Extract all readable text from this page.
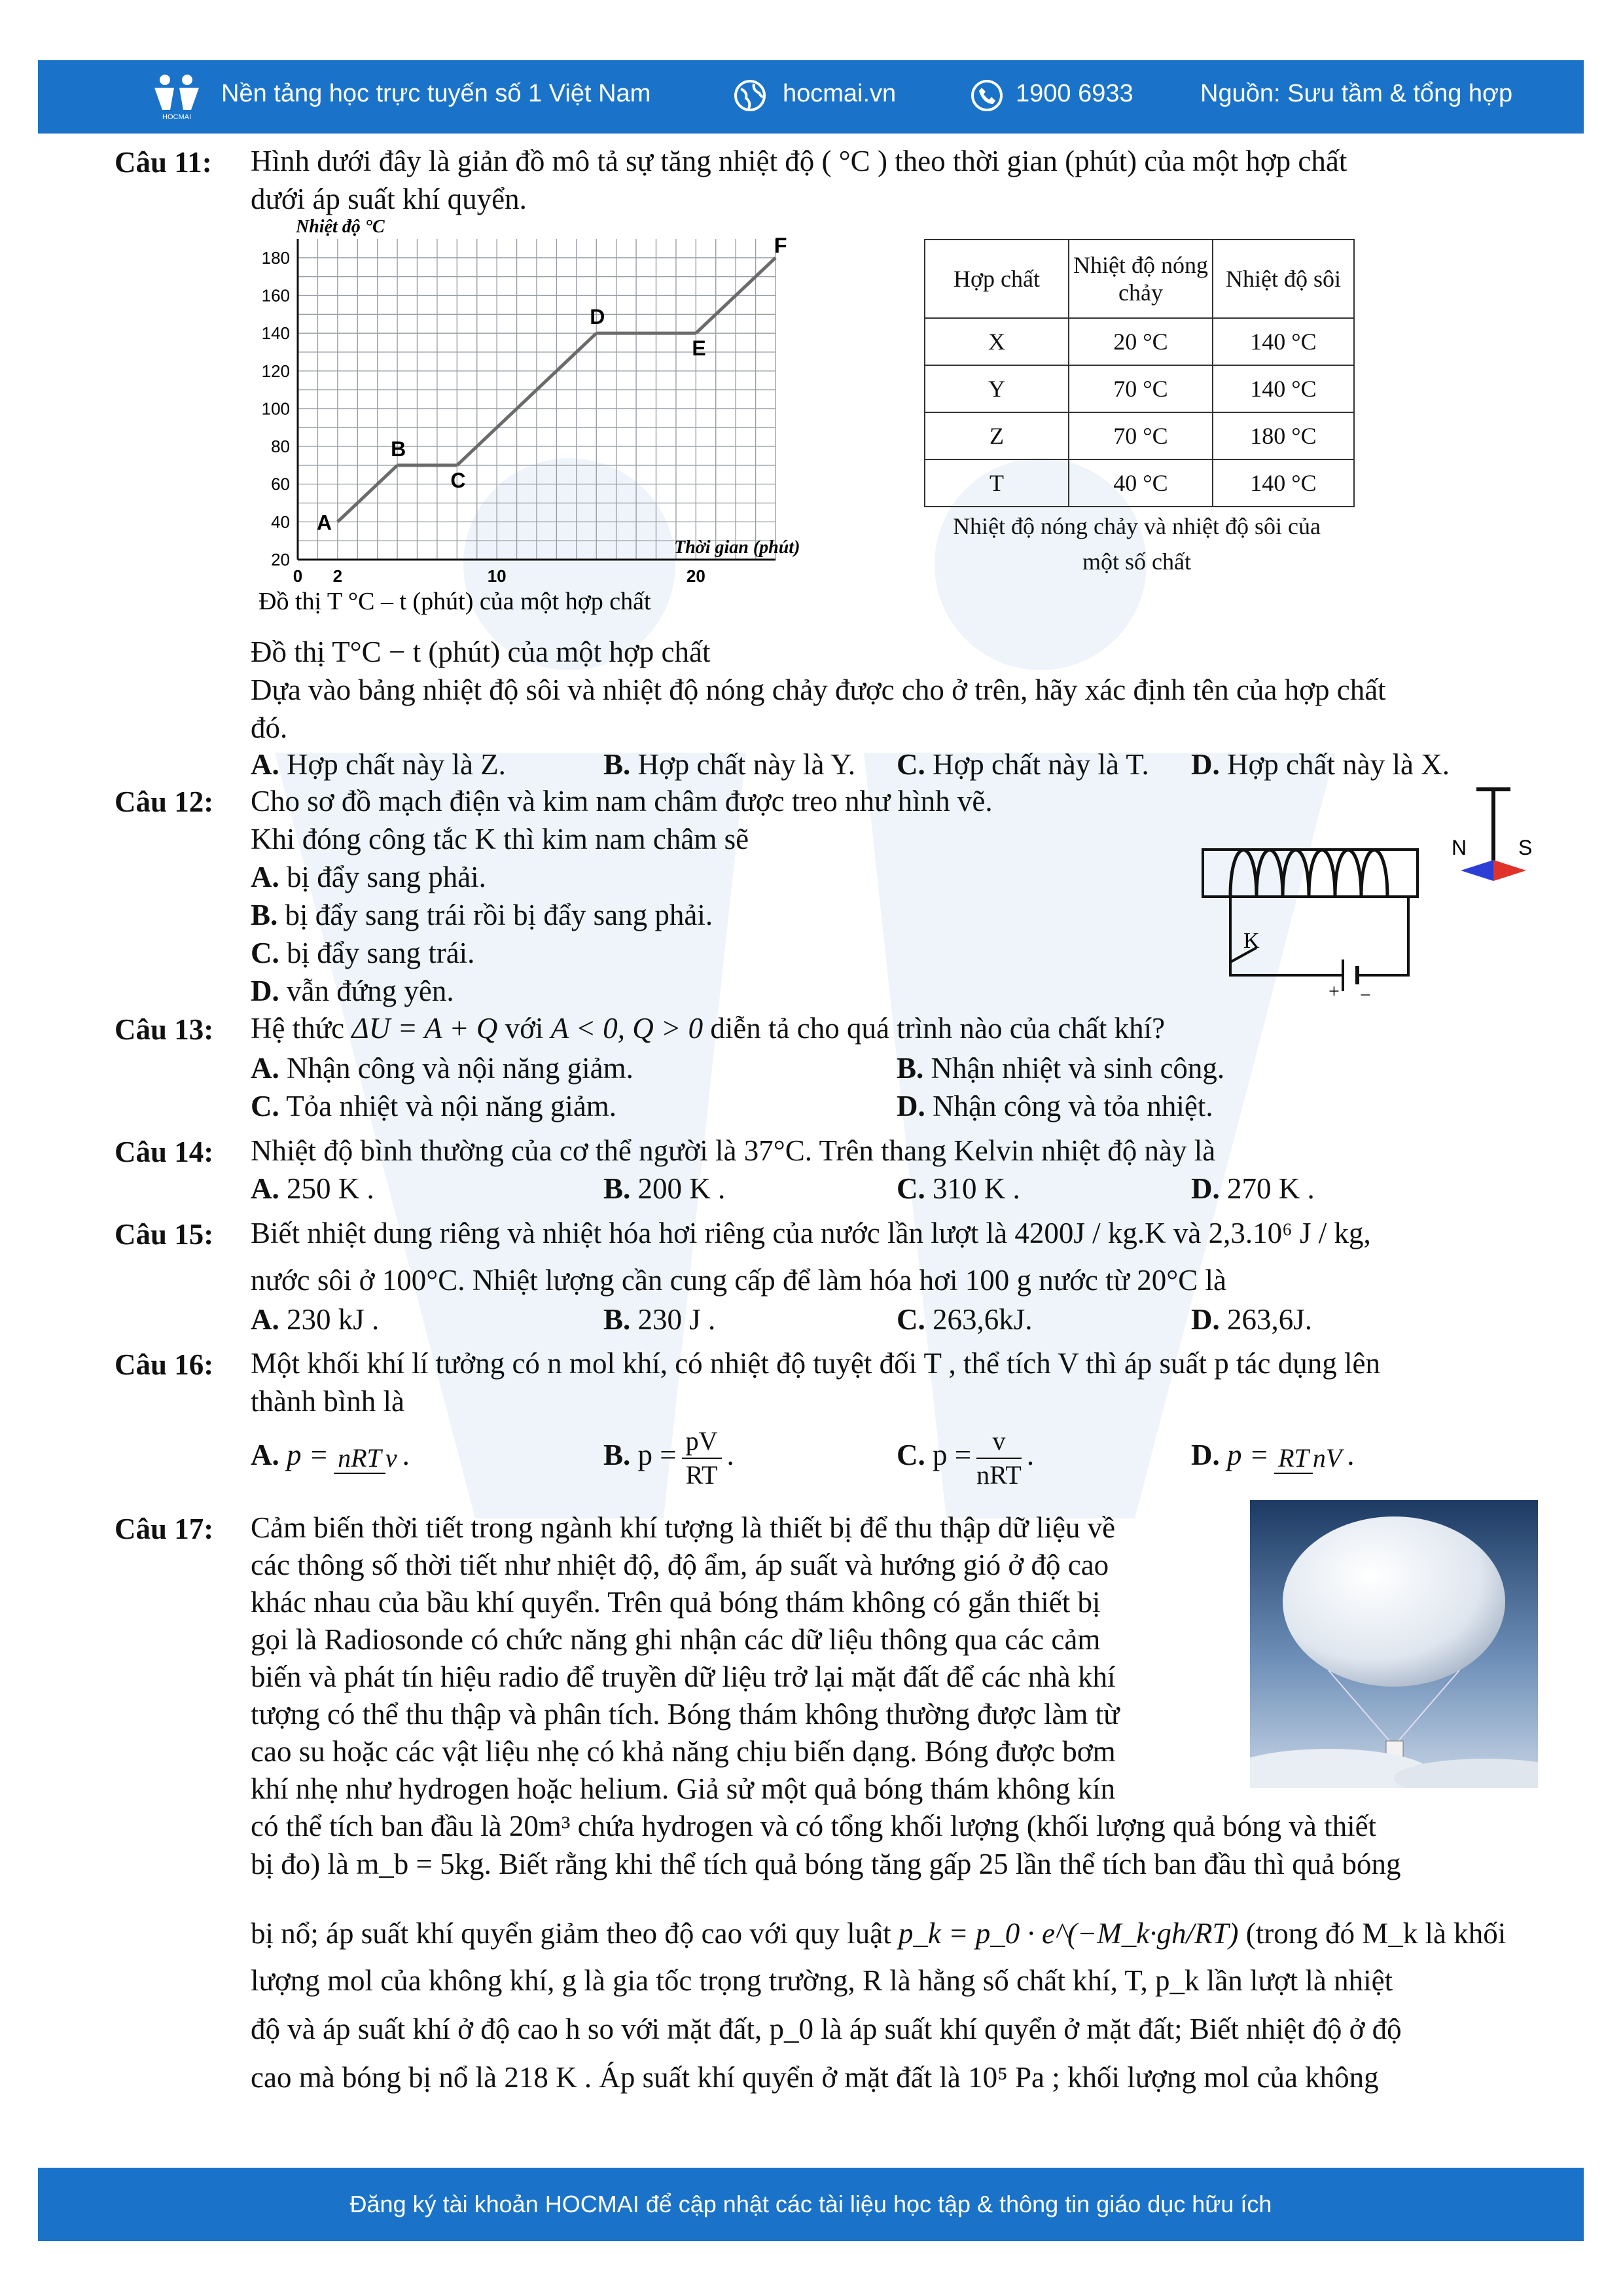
HOCMAI
Nền tảng học trực tuyến số 1 Việt Nam	hocmai.vn	1900 6933	Nguồn: Sưu tầm & tổng hợp
Câu 11: Hình dưới đây là giản đồ mô tả sự tăng nhiệt độ ( °C ) theo thời gian (phút) của một hợp chất
dưới áp suất khí quyển.
20
40
60
80
100
120
140
160
180
0 2	10	20
A
B
C
D
E
F
Nhiệt độ °C
Thời gian (phút)
Đồ thị T °C – t (phút) của một hợp chất
Hợp chất	Nhiệt độ nóng chảy	Nhiệt độ sôi
X	20 °C	140 °C
Y	70 °C	140 °C
Z	70 °C	180 °C
T	40 °C	140 °C
Nhiệt độ nóng chảy và nhiệt độ sôi của
một số chất
Đồ thị T°C − t (phút) của một hợp chất
Dựa vào bảng nhiệt độ sôi và nhiệt độ nóng chảy được cho ở trên, hãy xác định tên của hợp chất
đó.
A. Hợp chất này là Z.	B. Hợp chất này là Y. C. Hợp chất này là T. D. Hợp chất này là X.
Câu 12: Cho sơ đồ mạch điện và kim nam châm được treo như hình vẽ.
Khi đóng công tắc K thì kim nam châm sẽ
A. bị đẩy sang phải.
B. bị đẩy sang trái rồi bị đẩy sang phải.
C. bị đẩy sang trái.
D. vẫn đứng yên.
K
+ −
N S
Câu 13: Hệ thức ΔU = A + Q với A < 0, Q > 0 diễn tả cho quá trình nào của chất khí?
A. Nhận công và nội năng giảm.	B. Nhận nhiệt và sinh công.
C. Tỏa nhiệt và nội năng giảm.	D. Nhận công và tỏa nhiệt.
Câu 14: Nhiệt độ bình thường của cơ thể người là 37°C. Trên thang Kelvin nhiệt độ này là
A. 250 K .	B. 200 K .	C. 310 K .	D. 270 K .
Câu 15: Biết nhiệt dung riêng và nhiệt hóa hơi riêng của nước lần lượt là 4200J / kg.K và 2,3.10⁶ J / kg,
nước sôi ở 100°C. Nhiệt lượng cần cung cấp để làm hóa hơi 100 g nước từ 20°C là
A. 230 kJ .	B. 230 J .	C. 263,6kJ.	D. 263,6J.
Câu 16: Một khối khí lí tưởng có n mol khí, có nhiệt độ tuyệt đối T , thể tích V thì áp suất p tác dụng lên
thành bình là
A. p = nRT v .	B. $p = \frac{pV}{RT}$ .	C. $p = \frac{v}{\text{nRT}}$ .	D. p = RT nV .
Câu 17: Cảm biến thời tiết trong ngành khí tượng là thiết bị để thu thập dữ liệu về
các thông số thời tiết như nhiệt độ, độ ẩm, áp suất và hướng gió ở độ cao
khác nhau của bầu khí quyển. Trên quả bóng thám không có gắn thiết bị
gọi là Radiosonde có chức năng ghi nhận các dữ liệu thông qua các cảm
biến và phát tín hiệu radio để truyền dữ liệu trở lại mặt đất để các nhà khí
tượng có thể thu thập và phân tích. Bóng thám không thường được làm từ
cao su hoặc các vật liệu nhẹ có khả năng chịu biến dạng. Bóng được bơm
khí nhẹ như hydrogen hoặc helium. Giả sử một quả bóng thám không kín
có thể tích ban đầu là 20m³ chứa hydrogen và có tổng khối lượng (khối lượng quả bóng và thiết
bị đo) là m_b = 5kg. Biết rằng khi thể tích quả bóng tăng gấp 25 lần thể tích ban đầu thì quả bóng
bị nổ; áp suất khí quyển giảm theo độ cao với quy luật p_k = p_0 · e^(−M_k·gh/RT) (trong đó M_k là khối
lượng mol của không khí, g là gia tốc trọng trường, R là hằng số chất khí, T, p_k lần lượt là nhiệt
độ và áp suất khí ở độ cao h so với mặt đất, p_0 là áp suất khí quyển ở mặt đất; Biết nhiệt độ ở độ
cao mà bóng bị nổ là 218 K . Áp suất khí quyển ở mặt đất là 10⁵ Pa ; khối lượng mol của không
Đăng ký tài khoản HOCMAI để cập nhật các tài liệu học tập & thông tin giáo dục hữu ích
